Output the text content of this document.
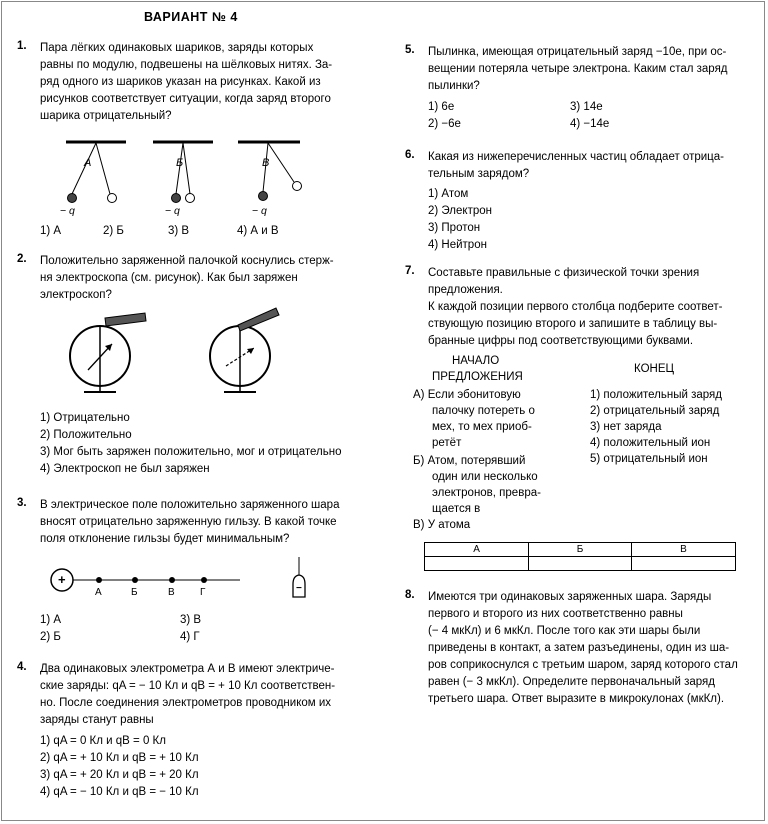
ВАРИАНТ № 4
1. Пара лёгких одинаковых шариков, заряды которых
равны по модулю, подвешены на шёлковых нитях. За-
ряд одного из шариков указан на рисунках. Какой из
рисунков соответствует ситуации, когда заряд второго
шарика отрицательный?
А	Б	В
− q	− q	− q
1) А	2) Б	3) В	4) А и В
2. Положительно заряженной палочкой коснулись стерж-
ня электроскопа (см. рисунок). Как был заряжен
электроскоп?
1) Отрицательно
2) Положительно
3) Мог быть заряжен положительно, мог и отрицательно
4) Электроскоп не был заряжен
3. В электрическое поле положительно заряженного шара
вносят отрицательно заряженную гильзу. В какой точке
поля отклонение гильзы будет минимальным?
+
А	Б	В	Г	−
1) А	3) В
2) Б	4) Г
4. Два одинаковых электрометра А и В имеют электриче-
ские заряды: qA = − 10 Кл и qB = + 10 Кл соответствен-
но. После соединения электрометров проводником их
заряды станут равны
1) qA = 0 Кл и qB = 0 Кл
2) qA = + 10 Кл и qB = + 10 Кл
3) qA = + 20 Кл и qB = + 20 Кл
4) qA = − 10 Кл и qB = − 10 Кл
5. Пылинка, имеющая отрицательный заряд −10e, при ос-
вещении потеряла четыре электрона. Каким стал заряд
пылинки?
1) 6e	3) 14e
2) −6e	4) −14e
6. Какая из нижеперечисленных частиц обладает отрица-
тельным зарядом?
1) Атом
2) Электрон
3) Протон
4) Нейтрон
7. Составьте правильные с физической точки зрения
предложения.
К каждой позиции первого столбца подберите соответ-
ствующую позицию второго и запишите в таблицу вы-
бранные цифры под соответствующими буквами.
НАЧАЛО
ПРЕДЛОЖЕНИЯ
КОНЕЦ
А) Если эбонитовую
палочку потереть о
мех, то мех приоб-
ретёт
Б) Атом, потерявший
один или несколько
электронов, превра-
щается в
В) У атома
1) положительный заряд
2) отрицательный заряд
3) нет заряда
4) положительный ион
5) отрицательный ион
А	Б	В

8. Имеются три одинаковых заряженных шара. Заряды
первого и второго из них соответственно равны
(− 4 мкКл) и 6 мкКл. После того как эти шары были
приведены в контакт, а затем разъединены, один из ша-
ров соприкоснулся с третьим шаром, заряд которого стал
равен (− 3 мкКл). Определите первоначальный заряд
третьего шара. Ответ выразите в микрокулонах (мкКл).
